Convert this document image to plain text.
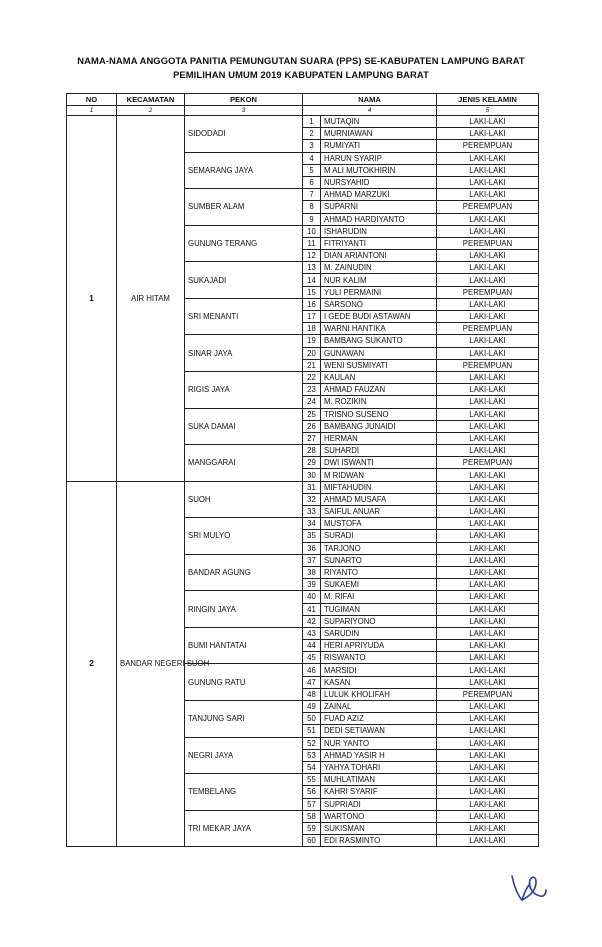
NAMA-NAMA ANGGOTA PANITIA PEMUNGUTAN SUARA (PPS) SE-KABUPATEN LAMPUNG BARAT
PEMILIHAN UMUM 2019 KABUPATEN LAMPUNG BARAT
NO	KECAMATAN	PEKON	NAMA		JENIS KELAMIN
1	2	3	4		5
1	AIR HITAM	SIDODADI	1	MUTAQIN	LAKI-LAKI
			2	MURNIAWAN	LAKI-LAKI
			3	RUMIYATI	PEREMPUAN
		SEMARANG JAYA	4	HARUN SYARIP	LAKI-LAKI
			5	M ALI MUTOKHIRIN	LAKI-LAKI
			6	NURSYAHID	LAKI-LAKI
		SUMBER ALAM	7	AHMAD MARZUKI	LAKI-LAKI
			8	SUPARNI	PEREMPUAN
			9	AHMAD HARDIYANTO	LAKI-LAKI
		GUNUNG TERANG	10	ISHARUDIN	LAKI-LAKI
			11	FITRIYANTI	PEREMPUAN
			12	DIAN ARIANTONI	LAKI-LAKI
		SUKAJADI	13	M. ZAINUDIN	LAKI-LAKI
			14	NUR KALIM	LAKI-LAKI
			15	YULI PERMAINI	PEREMPUAN
		SRI MENANTI	16	SARSONO	LAKI-LAKI
			17	I GEDE BUDI ASTAWAN	LAKI-LAKI
			18	WARNI HANTIKA	PEREMPUAN
		SINAR JAYA	19	BAMBANG SUKANTO	LAKI-LAKI
			20	GUNAWAN	LAKI-LAKI
			21	WENI SUSMIYATI	PEREMPUAN
		RIGIS JAYA	22	KAULAN	LAKI-LAKI
			23	AHMAD FAUZAN	LAKI-LAKI
			24	M. ROZIKIN	LAKI-LAKI
		SUKA DAMAI	25	TRISNO SUSENO	LAKI-LAKI
			26	BAMBANG JUNAIDI	LAKI-LAKI
			27	HERMAN	LAKI-LAKI
		MANGGARAI	28	SUHARDI	LAKI-LAKI
			29	DWI ISWANTI	PEREMPUAN
			30	M RIDWAN	LAKI-LAKI
2	BANDAR NEGERI SUOH	SUOH	31	MIFTAHUDIN	LAKI-LAKI
			32	AHMAD MUSAFA	LAKI-LAKI
			33	SAIFUL ANUAR	LAKI-LAKI
		SRI MULYO	34	MUSTOFA	LAKI-LAKI
			35	SURADI	LAKI-LAKI
			36	TARJONO	LAKI-LAKI
		BANDAR AGUNG	37	SUNARTO	LAKI-LAKI
			38	RIYANTO	LAKI-LAKI
			39	SUKAEMI	LAKI-LAKI
		RINGIN JAYA	40	M. RIFAI	LAKI-LAKI
			41	TUGIMAN	LAKI-LAKI
			42	SUPARIYONO	LAKI-LAKI
		BUMI HANTATAI	43	SARUDIN	LAKI-LAKI
			44	HERI APRIYUDA	LAKI-LAKI
			45	RISWANTO	LAKI-LAKI
		GUNUNG RATU	46	MARSIDI	LAKI-LAKI
			47	KASAN	LAKI-LAKI
			48	LULUK KHOLIFAH	PEREMPUAN
		TANJUNG SARI	49	ZAINAL	LAKI-LAKI
			50	FUAD AZIZ	LAKI-LAKI
			51	DEDI SETIAWAN	LAKI-LAKI
		NEGRI JAYA	52	NUR YANTO	LAKI-LAKI
			53	AHMAD YASIR H	LAKI-LAKI
			54	YAHYA TOHARI	LAKI-LAKI
		TEMBELANG	55	MUHLATIMAN	LAKI-LAKI
			56	KAHRI SYARIF	LAKI-LAKI
			57	SUPRIADI	LAKI-LAKI
		TRI MEKAR JAYA	58	WARTONO	LAKI-LAKI
			59	SUKISMAN	LAKI-LAKI
			60	EDI RASMINTO	LAKI-LAKI
